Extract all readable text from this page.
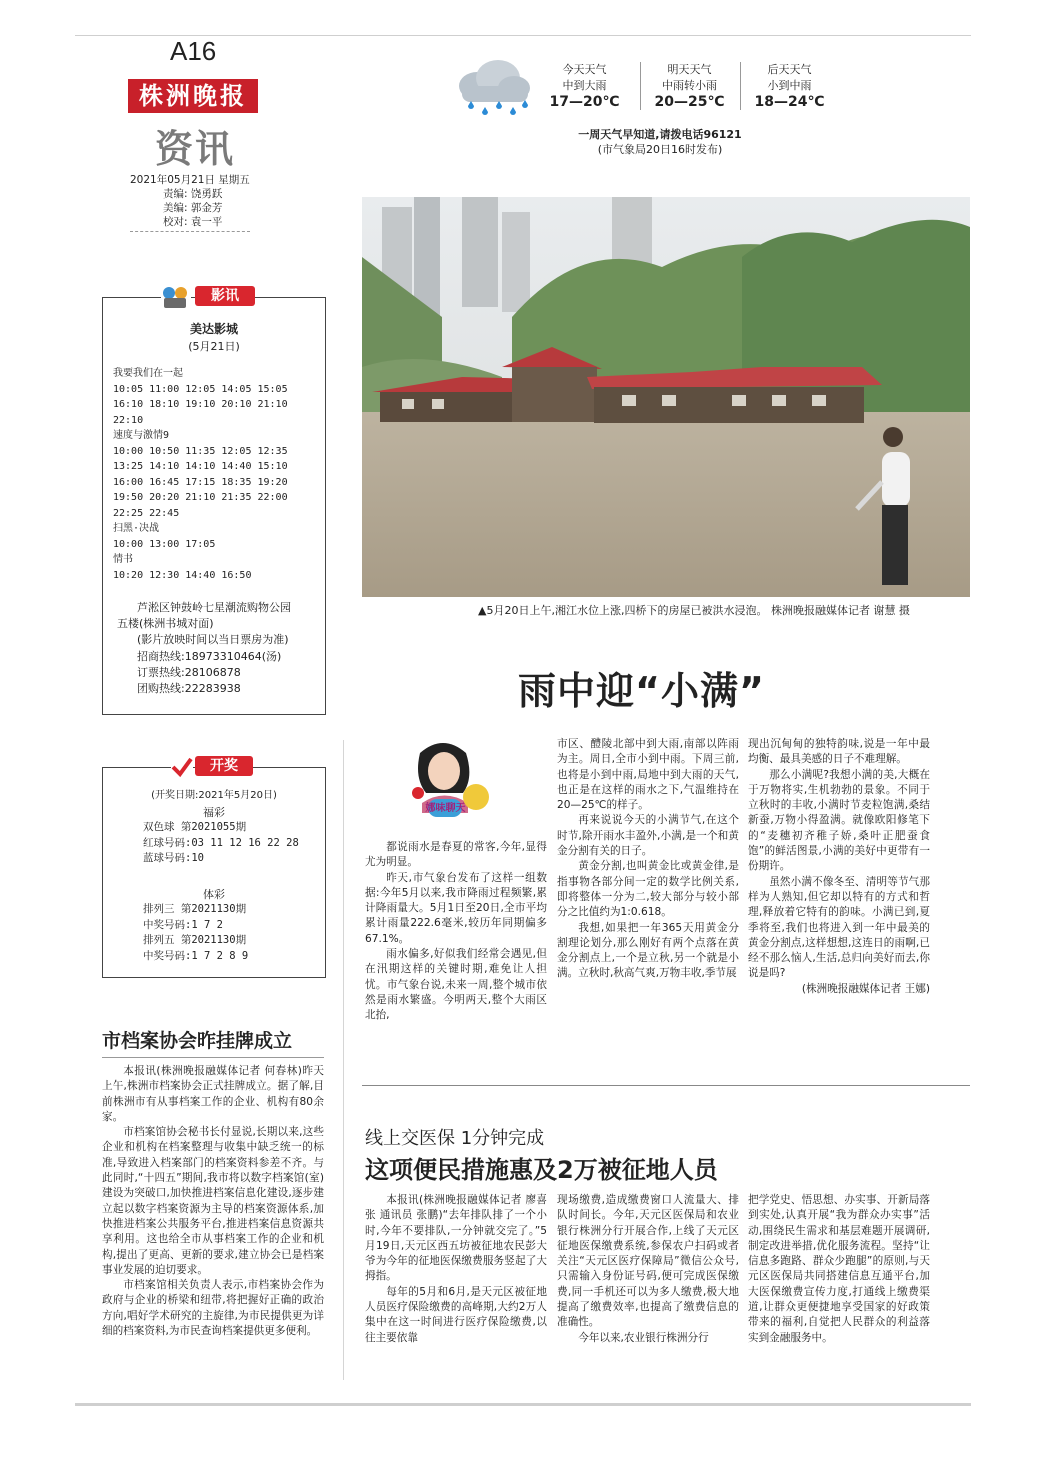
A16
株洲晚报
资讯
2021年05月21日 星期五
责编: 饶勇跃
美编: 郭金芳
校对: 袁一平
今天天气
中到大雨
17—20℃
明天天气
中雨转小雨
20—25℃
后天天气
小到中雨
18—24℃
一周天气早知道,请拨电话96121
(市气象局20日16时发布)
▲5月20日上午,湘江水位上涨,四桥下的房屋已被洪水浸泡。 株洲晚报融媒体记者 谢慧 摄
雨中迎“小满”
影讯
美达影城
(5月21日)
我要我们在一起
10:05 11:00 12:05 14:05 15:05
16:10 18:10 19:10 20:10 21:10
22:10
速度与激情9
10:00 10:50 11:35 12:05 12:35
13:25 14:10 14:10 14:40 15:10
16:00 16:45 17:15 18:35 19:20
19:50 20:20 21:10 21:35 22:00
22:25 22:45
扫黑·决战
10:00 13:00 17:05
情书
10:20 12:30 14:40 16:50
芦淞区钟鼓岭七星潮流购物公园
五楼(株洲书城对面)
(影片放映时间以当日票房为准)
招商热线:18973310464(汤)
订票热线:28106878
团购热线:22283938
开奖
(开奖日期:2021年5月20日)
福彩
双色球 第2021055期
红球号码:03 11 12 16 22 28
蓝球号码:10
体彩
排列三 第2021130期
中奖号码:1 7 2
排列五 第2021130期
中奖号码:1 7 2 8 9
市档案协会昨挂牌成立

本报讯(株洲晚报融媒体记者 何春林)昨天上午,株洲市档案协会正式挂牌成立。据了解,目前株洲市有从事档案工作的企业、机构有80余家。

市档案馆协会秘书长付显说,长期以来,这些企业和机构在档案整理与收集中缺乏统一的标准,导致进入档案部门的档案资料参差不齐。与此同时,“十四五”期间,我市将以数字档案馆(室)建设为突破口,加快推进档案信息化建设,逐步建立起以数字档案资源为主导的档案资源体系,加快推进档案公共服务平台,推进档案信息资源共享利用。这也给全市从事档案工作的企业和机构,提出了更高、更新的要求,建立协会已是档案事业发展的迫切要求。

市档案馆相关负责人表示,市档案协会作为政府与企业的桥梁和纽带,将把握好正确的政治方向,唱好学术研究的主旋律,为市民提供更为详细的档案资料,为市民查询档案提供更多便利。

娜味聊天

都说雨水是春夏的常客,今年,显得尤为明显。

昨天,市气象台发布了这样一组数据:今年5月以来,我市降雨过程频繁,累计降雨量大。5月1日至20日,全市平均累计雨量222.6毫米,较历年同期偏多67.1%。

雨水偏多,好似我们经常会遇见,但在汛期这样的关键时期,难免让人担忧。市气象台说,未来一周,整个城市依然是雨水繁盛。今明两天,整个大雨区北抬,

市区、醴陵北部中到大雨,南部以阵雨为主。周日,全市小到中雨。下周三前,也将是小到中雨,局地中到大雨的天气,也正是在这样的雨水之下,气温维持在20—25℃的样子。

再来说说今天的小满节气,在这个时节,除开雨水丰盈外,小满,是一个和黄金分割有关的日子。

黄金分割,也叫黄金比或黄金律,是指事物各部分间一定的数学比例关系,即将整体一分为二,较大部分与较小部分之比值约为1:0.618。

我想,如果把一年365天用黄金分割理论划分,那么刚好有两个点落在黄金分割点上,一个是立秋,另一个就是小满。立秋时,秋高气爽,万物丰收,季节展

现出沉甸甸的独特韵味,说是一年中最均衡、最具美感的日子不难理解。

那么小满呢?我想小满的美,大概在于万物将实,生机勃勃的景象。不同于立秋时的丰收,小满时节麦粒饱满,桑结新蚕,万物小得盈满。就像欧阳修笔下的“麦穗初齐稚子娇,桑叶正肥蚕食饱”的鲜活图景,小满的美好中更带有一份期许。

虽然小满不像冬至、清明等节气那样为人熟知,但它却以特有的方式和哲理,释放着它特有的韵味。小满已到,夏季将至,我们也将进入到一年中最美的黄金分割点,这样想想,这连日的雨啊,已经不那么恼人,生活,总归向美好而去,你说是吗?

(株洲晚报融媒体记者 王娜)

线上交医保 1分钟完成
这项便民措施惠及2万被征地人员

本报讯(株洲晚报融媒体记者 廖喜张 通讯员 张鹏)“去年排队排了一个小时,今年不要排队,一分钟就交完了。”5月19日,天元区西五坊被征地农民彭大爷为今年的征地医保缴费服务竖起了大拇指。

每年的5月和6月,是天元区被征地人员医疗保险缴费的高峰期,大约2万人集中在这一时间进行医疗保险缴费,以往主要依靠

现场缴费,造成缴费窗口人流量大、排队时间长。今年,天元区医保局和农业银行株洲分行开展合作,上线了天元区征地医保缴费系统,参保农户扫码或者关注“天元区医疗保障局”微信公众号,只需输入身份证号码,便可完成医保缴费,同一手机还可以为多人缴费,极大地提高了缴费效率,也提高了缴费信息的准确性。

今年以来,农业银行株洲分行

把学党史、悟思想、办实事、开新局落到实处,认真开展“我为群众办实事”活动,围绕民生需求和基层难题开展调研,制定改进举措,优化服务流程。坚持“让信息多跑路、群众少跑腿”的原则,与天元区医保局共同搭建信息互通平台,加大医保缴费宣传力度,打通线上缴费渠道,让群众更便捷地享受国家的好政策带来的福利,自觉把人民群众的利益落实到金融服务中。
